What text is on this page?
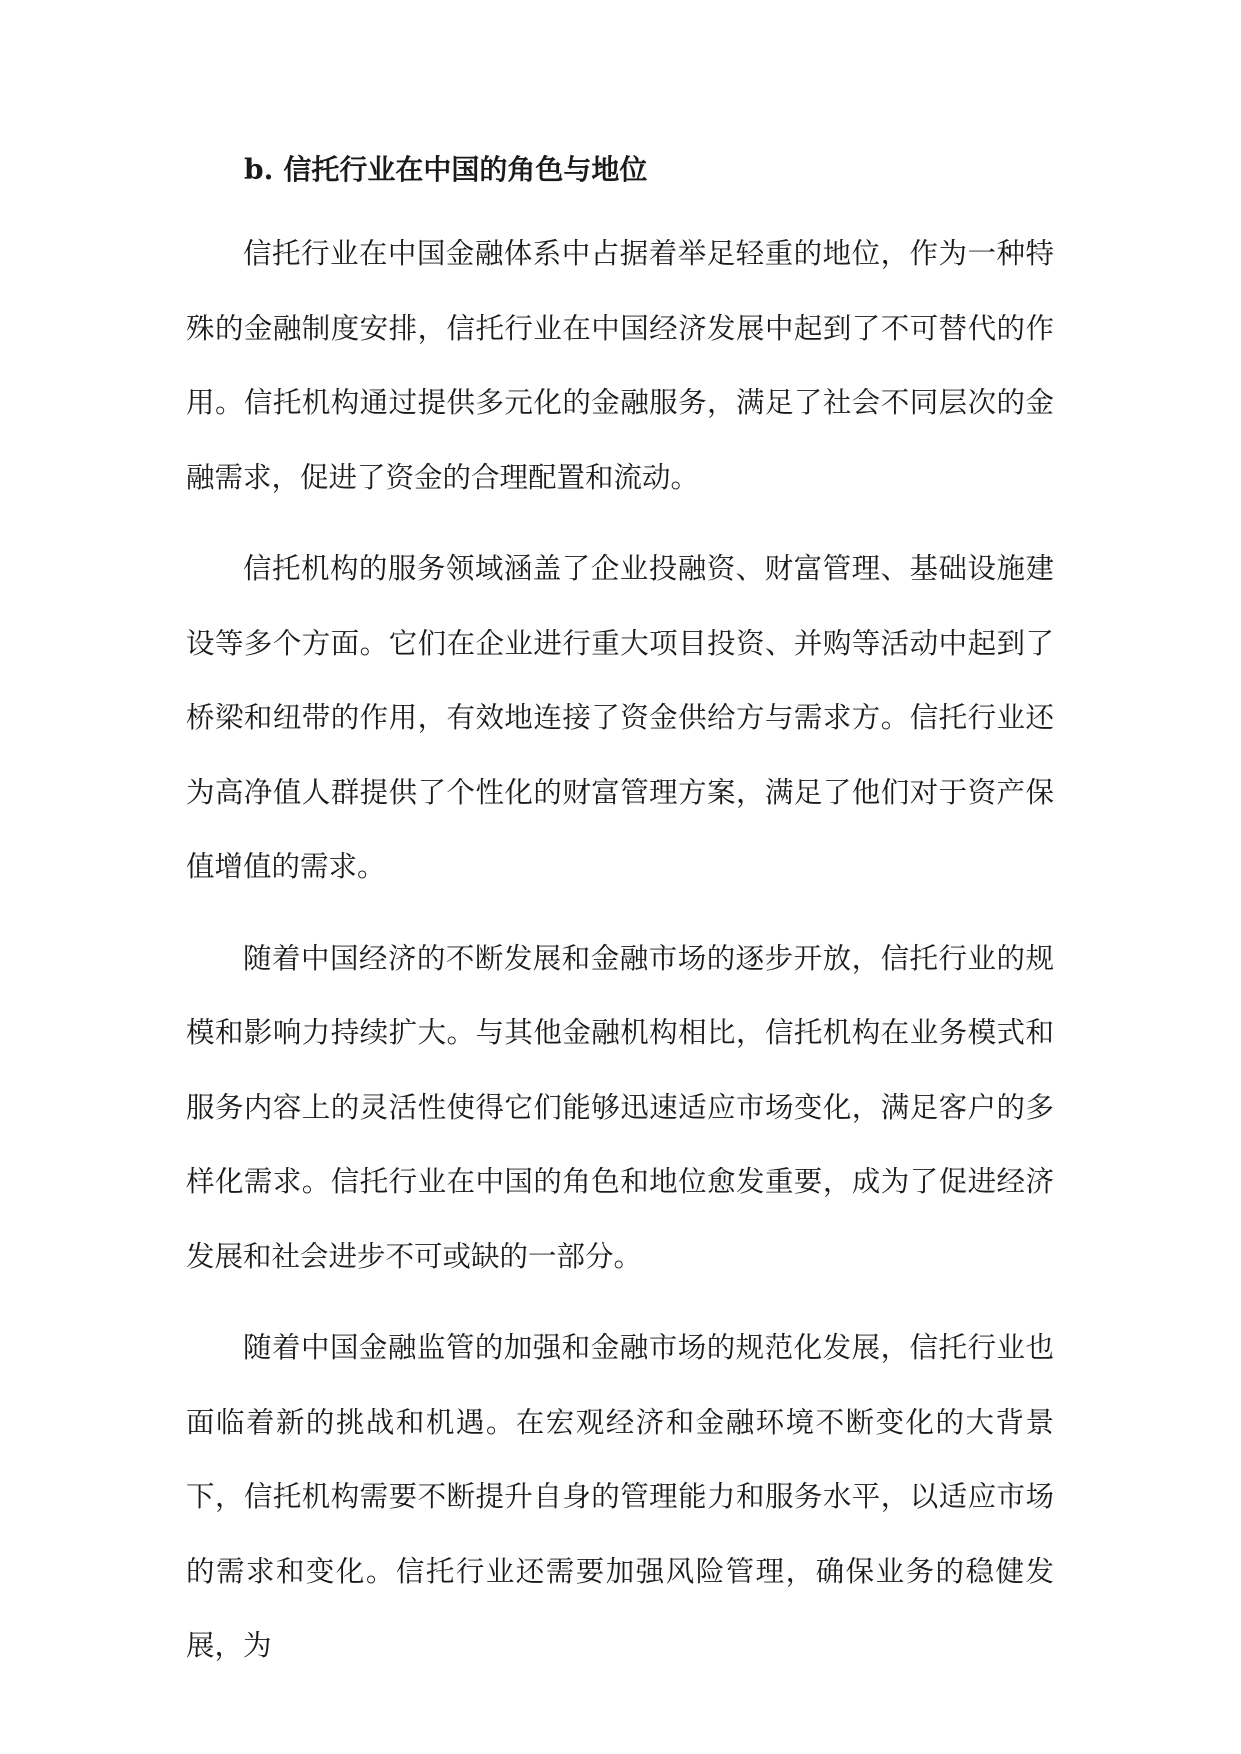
b. 信托行业在中国的角色与地位

信托行业在中国金融体系中占据着举足轻重的地位，作为一种特殊的金融制度安排，信托行业在中国经济发展中起到了不可替代的作用。信托机构通过提供多元化的金融服务，满足了社会不同层次的金融需求，促进了资金的合理配置和流动。

信托机构的服务领域涵盖了企业投融资、财富管理、基础设施建设等多个方面。它们在企业进行重大项目投资、并购等活动中起到了桥梁和纽带的作用，有效地连接了资金供给方与需求方。信托行业还为高净值人群提供了个性化的财富管理方案，满足了他们对于资产保值增值的需求。

随着中国经济的不断发展和金融市场的逐步开放，信托行业的规模和影响力持续扩大。与其他金融机构相比，信托机构在业务模式和服务内容上的灵活性使得它们能够迅速适应市场变化，满足客户的多样化需求。信托行业在中国的角色和地位愈发重要，成为了促进经济发展和社会进步不可或缺的一部分。

随着中国金融监管的加强和金融市场的规范化发展，信托行业也面临着新的挑战和机遇。在宏观经济和金融环境不断变化的大背景下，信托机构需要不断提升自身的管理能力和服务水平，以适应市场的需求和变化。信托行业还需要加强风险管理，确保业务的稳健发展，为
